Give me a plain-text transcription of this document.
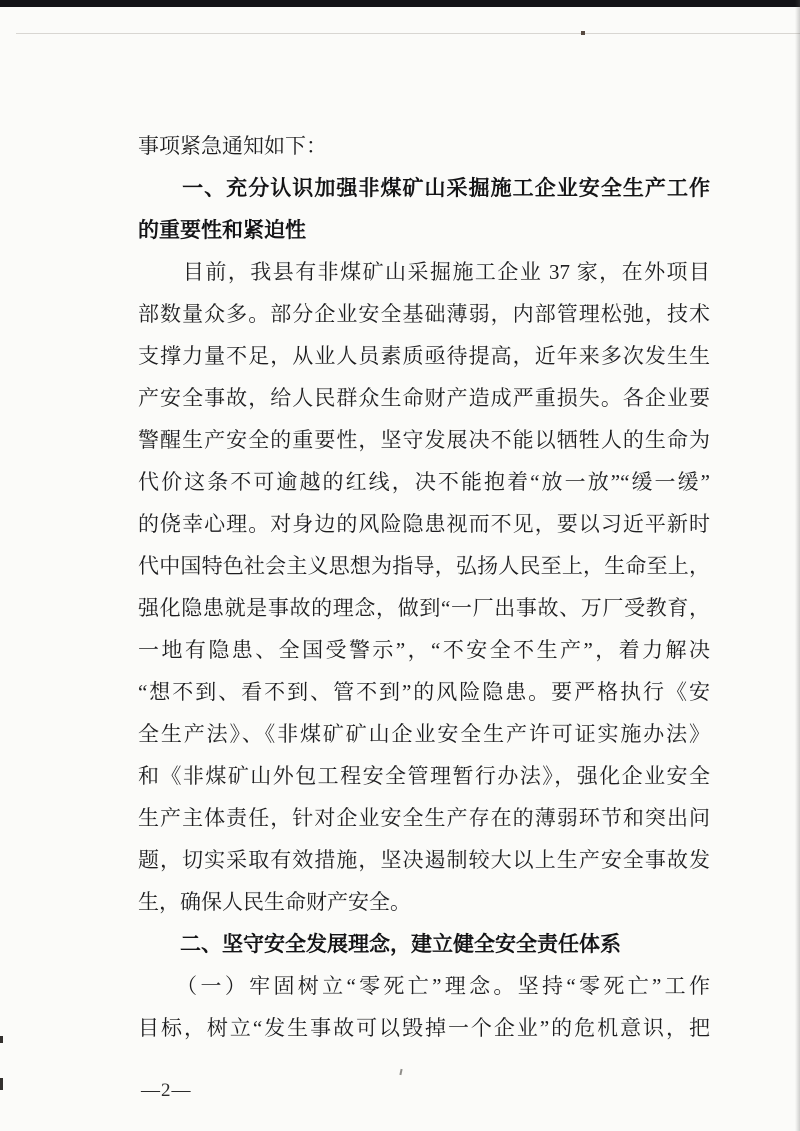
事项紧急通知如下：
　　一、充分认识加强非煤矿山采掘施工企业安全生产工作
的重要性和紧迫性
　　目前，我县有非煤矿山采掘施工企业 37 家，在外项目
部数量众多。部分企业安全基础薄弱，内部管理松弛，技术
支撑力量不足，从业人员素质亟待提高，近年来多次发生生
产安全事故，给人民群众生命财产造成严重损失。各企业要
警醒生产安全的重要性，坚守发展决不能以牺牲人的生命为
代价这条不可逾越的红线，决不能抱着“放一放”“缓一缓”
的侥幸心理。对身边的风险隐患视而不见，要以习近平新时
代中国特色社会主义思想为指导，弘扬人民至上，生命至上，
强化隐患就是事故的理念，做到“一厂出事故、万厂受教育，
一地有隐患、全国受警示”，“不安全不生产”，着力解决
“想不到、看不到、管不到”的风险隐患。要严格执行《安
全生产法》、《非煤矿矿山企业安全生产许可证实施办法》
和《非煤矿山外包工程安全管理暂行办法》，强化企业安全
生产主体责任，针对企业安全生产存在的薄弱环节和突出问
题，切实采取有效措施，坚决遏制较大以上生产安全事故发
生，确保人民生命财产安全。
　　二、坚守安全发展理念，建立健全安全责任体系
　　（一）牢固树立“零死亡”理念。坚持“零死亡”工作
目标，树立“发生事故可以毁掉一个企业”的危机意识，把
—2—
